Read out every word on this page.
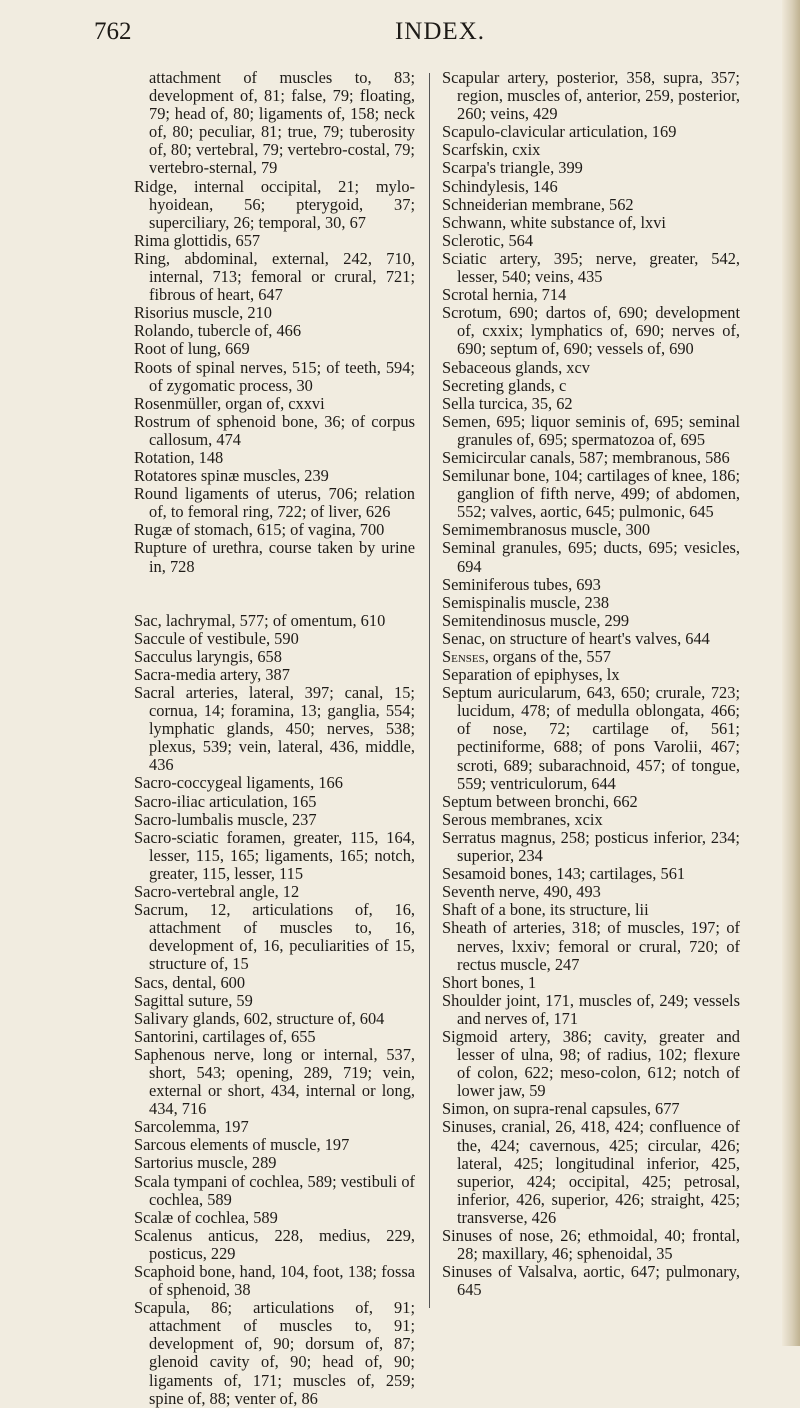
762	INDEX.

attachment of muscles to, 83; development of, 81; false, 79; floating, 79; head of, 80; ligaments of, 158; neck of, 80; peculiar, 81; true, 79; tuberosity of, 80; vertebral, 79; vertebro-costal, 79; vertebro-sternal, 79

Ridge, internal occipital, 21; mylo-hyoidean, 56; pterygoid, 37; superciliary, 26; temporal, 30, 67

Rima glottidis, 657

Ring, abdominal, external, 242, 710, internal, 713; femoral or crural, 721; fibrous of heart, 647

Risorius muscle, 210

Rolando, tubercle of, 466

Root of lung, 669

Roots of spinal nerves, 515; of teeth, 594; of zygomatic process, 30

Rosenmüller, organ of, cxxvi

Rostrum of sphenoid bone, 36; of corpus callosum, 474

Rotation, 148

Rotatores spinæ muscles, 239

Round ligaments of uterus, 706; relation of, to femoral ring, 722; of liver, 626

Rugæ of stomach, 615; of vagina, 700

Rupture of urethra, course taken by urine in, 728

Sac, lachrymal, 577; of omentum, 610

Saccule of vestibule, 590

Sacculus laryngis, 658

Sacra-media artery, 387

Sacral arteries, lateral, 397; canal, 15; cornua, 14; foramina, 13; ganglia, 554; lymphatic glands, 450; nerves, 538; plexus, 539; vein, lateral, 436, middle, 436

Sacro-coccygeal ligaments, 166

Sacro-iliac articulation, 165

Sacro-lumbalis muscle, 237

Sacro-sciatic foramen, greater, 115, 164, lesser, 115, 165; ligaments, 165; notch, greater, 115, lesser, 115

Sacro-vertebral angle, 12

Sacrum, 12, articulations of, 16, attachment of muscles to, 16, development of, 16, peculiarities of 15, structure of, 15

Sacs, dental, 600

Sagittal suture, 59

Salivary glands, 602, structure of, 604

Santorini, cartilages of, 655

Saphenous nerve, long or internal, 537, short, 543; opening, 289, 719; vein, external or short, 434, internal or long, 434, 716

Sarcolemma, 197

Sarcous elements of muscle, 197

Sartorius muscle, 289

Scala tympani of cochlea, 589; vestibuli of cochlea, 589

Scalæ of cochlea, 589

Scalenus anticus, 228, medius, 229, posticus, 229

Scaphoid bone, hand, 104, foot, 138; fossa of sphenoid, 38

Scapula, 86; articulations of, 91; attachment of muscles to, 91; development of, 90; dorsum of, 87; glenoid cavity of, 90; head of, 90; ligaments of, 171; muscles of, 259; spine of, 88; venter of, 86

Scapular artery, posterior, 358, supra, 357; region, muscles of, anterior, 259, posterior, 260; veins, 429

Scapulo-clavicular articulation, 169

Scarfskin, cxix

Scarpa's triangle, 399

Schindylesis, 146

Schneiderian membrane, 562

Schwann, white substance of, lxvi

Sclerotic, 564

Sciatic artery, 395; nerve, greater, 542, lesser, 540; veins, 435

Scrotal hernia, 714

Scrotum, 690; dartos of, 690; development of, cxxix; lymphatics of, 690; nerves of, 690; septum of, 690; vessels of, 690

Sebaceous glands, xcv

Secreting glands, c

Sella turcica, 35, 62

Semen, 695; liquor seminis of, 695; seminal granules of, 695; spermatozoa of, 695

Semicircular canals, 587; membranous, 586

Semilunar bone, 104; cartilages of knee, 186; ganglion of fifth nerve, 499; of abdomen, 552; valves, aortic, 645; pulmonic, 645

Semimembranosus muscle, 300

Seminal granules, 695; ducts, 695; vesicles, 694

Seminiferous tubes, 693

Semispinalis muscle, 238

Semitendinosus muscle, 299

Senac, on structure of heart's valves, 644

Senses, organs of the, 557

Separation of epiphyses, lx

Septum auricularum, 643, 650; crurale, 723; lucidum, 478; of medulla oblongata, 466; of nose, 72; cartilage of, 561; pectiniforme, 688; of pons Varolii, 467; scroti, 689; subarachnoid, 457; of tongue, 559; ventriculorum, 644

Septum between bronchi, 662

Serous membranes, xcix

Serratus magnus, 258; posticus inferior, 234; superior, 234

Sesamoid bones, 143; cartilages, 561

Seventh nerve, 490, 493

Shaft of a bone, its structure, lii

Sheath of arteries, 318; of muscles, 197; of nerves, lxxiv; femoral or crural, 720; of rectus muscle, 247

Short bones, 1

Shoulder joint, 171, muscles of, 249; vessels and nerves of, 171

Sigmoid artery, 386; cavity, greater and lesser of ulna, 98; of radius, 102; flexure of colon, 622; meso-colon, 612; notch of lower jaw, 59

Simon, on supra-renal capsules, 677

Sinuses, cranial, 26, 418, 424; confluence of the, 424; cavernous, 425; circular, 426; lateral, 425; longitudinal inferior, 425, superior, 424; occipital, 425; petrosal, inferior, 426, superior, 426; straight, 425; transverse, 426

Sinuses of nose, 26; ethmoidal, 40; frontal, 28; maxillary, 46; sphenoidal, 35

Sinuses of Valsalva, aortic, 647; pulmonary, 645
